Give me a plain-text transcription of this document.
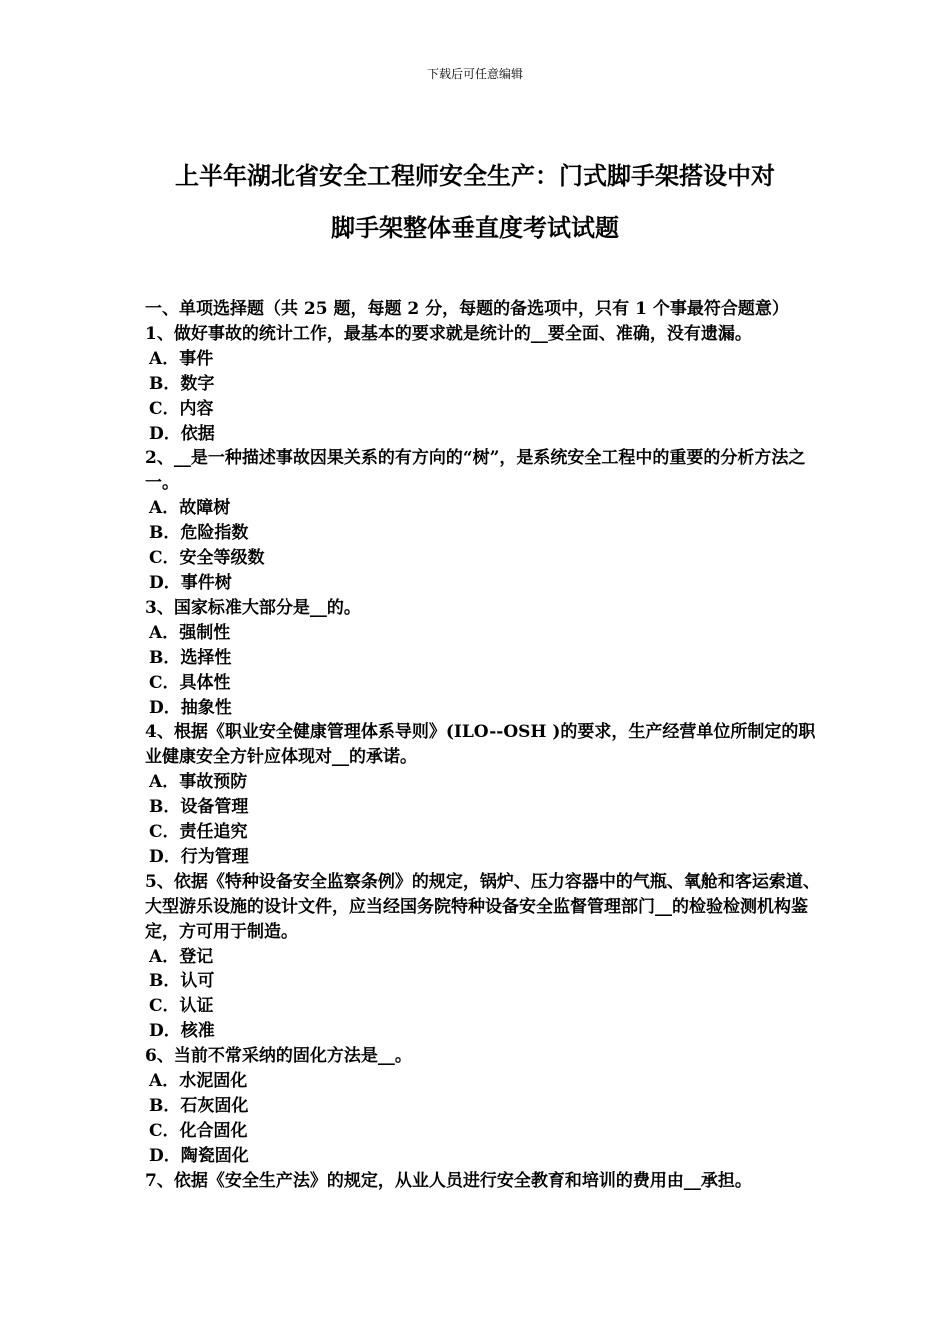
下载后可任意编辑
上半年湖北省安全工程师安全生产：门式脚手架搭设中对
脚手架整体垂直度考试试题

一、单项选择题（共 25 题，每题 2 分，每题的备选项中，只有 1 个事最符合题意）

1、做好事故的统计工作，最基本的要求就是统计的__要全面、准确，没有遗漏。

A．事件

B．数字

C．内容

D．依据

2、__是一种描述事故因果关系的有方向的“树”，是系统安全工程中的重要的分析方法之一。

A．故障树

B．危险指数

C．安全等级数

D．事件树

3、国家标准大部分是__的。

A．强制性

B．选择性

C．具体性

D．抽象性

4、根据《职业安全健康管理体系导则》(ILO--OSH )的要求，生产经营单位所制定的职业健康安全方针应体现对__的承诺。

A．事故预防

B．设备管理

C．责任追究

D．行为管理

5、依据《特种设备安全监察条例》的规定，锅炉、压力容器中的气瓶、氧舱和客运索道、大型游乐设施的设计文件，应当经国务院特种设备安全监督管理部门__的检验检测机构鉴定，方可用于制造。

A．登记

B．认可

C．认证

D．核准

6、当前不常采纳的固化方法是__。

A．水泥固化

B．石灰固化

C．化合固化

D．陶瓷固化

7、依据《安全生产法》的规定，从业人员进行安全教育和培训的费用由__承担。
